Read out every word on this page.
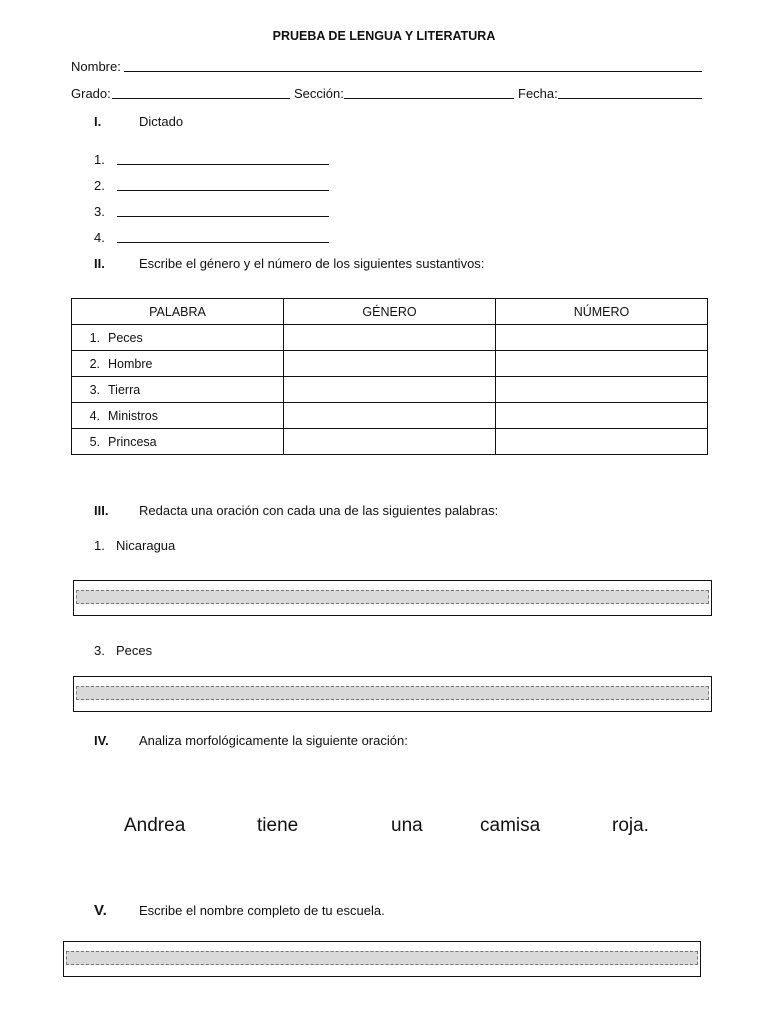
PRUEBA DE LENGUA Y LITERATURA
Nombre:
Grado:	Sección:	Fecha:
I.	Dictado
1.
2.
3.
4.
II.	Escribe el género y el número de los siguientes sustantivos:
PALABRA	GÉNERO	NÚMERO
1. Peces		
2. Hombre		
3. Tierra		
4. Ministros		
5. Princesa		
III. Redacta una oración con cada una de las siguientes palabras:
1. Nicaragua
3. Peces
IV. Analiza morfológicamente la siguiente oración:
Andrea	tiene	una	camisa	roja.
V. Escribe el nombre completo de tu escuela.
